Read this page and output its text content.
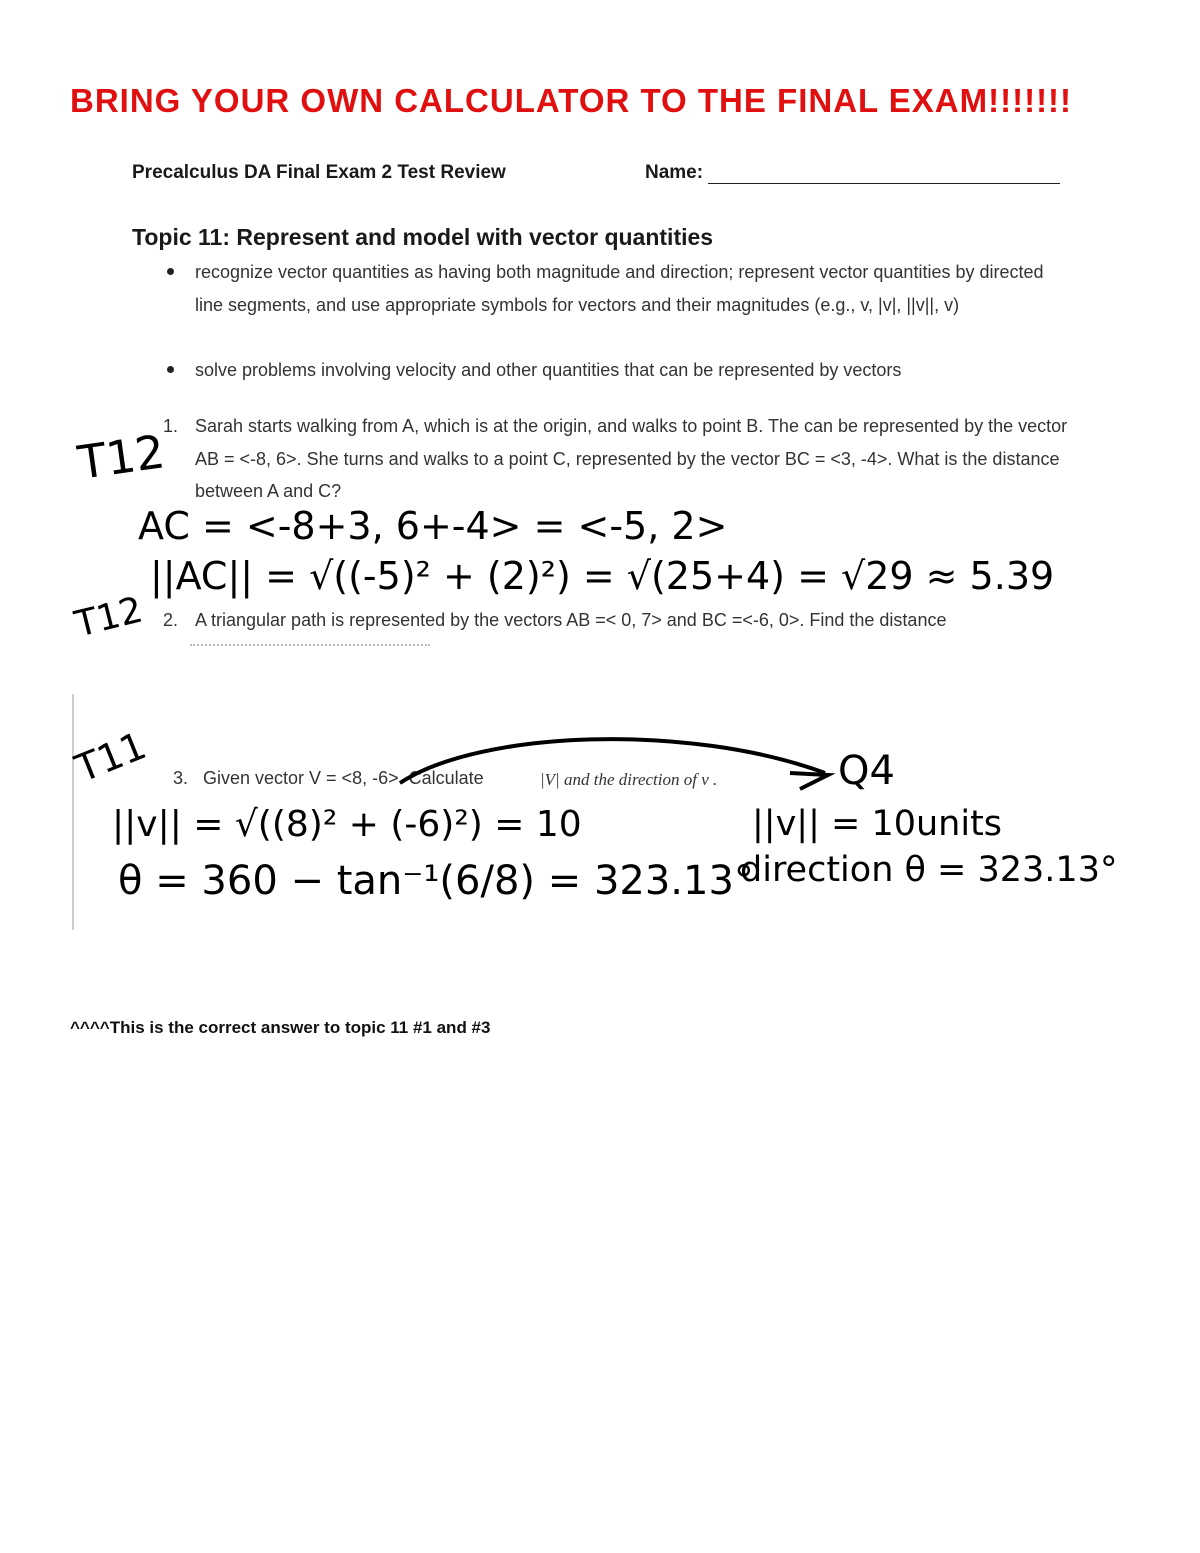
BRING YOUR OWN CALCULATOR TO THE FINAL EXAM!!!!!!!
Precalculus DA Final Exam 2 Test Review	Name:
Topic 11: Represent and model with vector quantities
recognize vector quantities as having both magnitude and direction; represent vector quantities by directed line segments, and use appropriate symbols for vectors and their magnitudes (e.g., v, |v|, ||v||, v)
solve problems involving velocity and other quantities that can be represented by vectors
1. Sarah starts walking from A, which is at the origin, and walks to point B. The can be represented by the vector AB = <-8, 6>. She turns and walks to a point C, represented by the vector BC = <3, -4>. What is the distance between A and C?
2. A triangular path is represented by the vectors AB =< 0, 7> and BC =<-6, 0>. Find the distance
3. Given vector V = <8, -6>. Calculate	|V| and the direction of v .
T12
AC = <-8+3, 6+-4> = <-5, 2>
||AC|| = √((-5)² + (2)²) = √(25+4) = √29 ≈ 5.39
T12
T11	Q4
||v|| = √((8)² + (-6)²) = 10
θ = 360 − tan⁻¹(6/8) = 323.13°
||v|| = 10units
direction θ = 323.13°
^^^^This is the correct answer to topic 11 #1 and #3
